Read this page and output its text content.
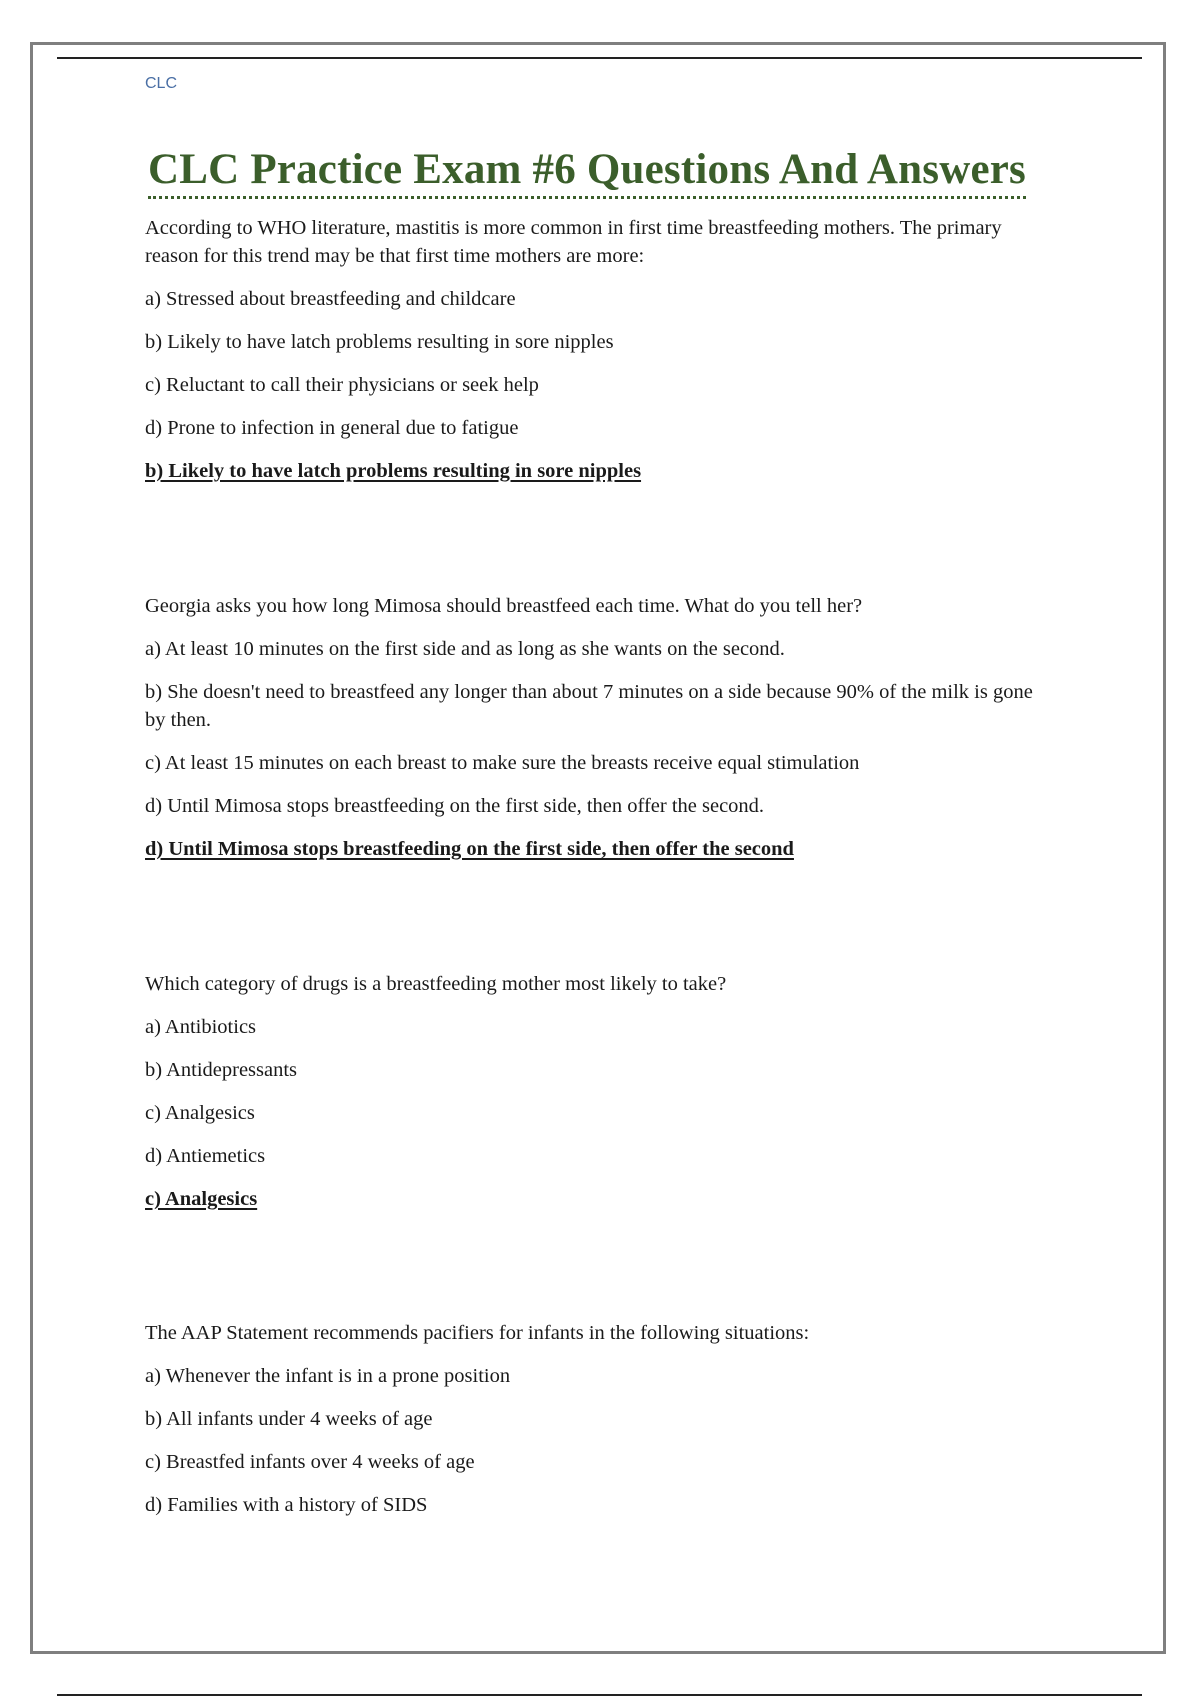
CLC
CLC Practice Exam #6 Questions And Answers

According to WHO literature, mastitis is more common in first time breastfeeding mothers. The primary reason for this trend may be that first time mothers are more:

a) Stressed about breastfeeding and childcare

b) Likely to have latch problems resulting in sore nipples

c) Reluctant to call their physicians or seek help

d) Prone to infection in general due to fatigue

b) Likely to have latch problems resulting in sore nipples

Georgia asks you how long Mimosa should breastfeed each time. What do you tell her?

a) At least 10 minutes on the first side and as long as she wants on the second.

b) She doesn't need to breastfeed any longer than about 7 minutes on a side because 90% of the milk is gone by then.

c) At least 15 minutes on each breast to make sure the breasts receive equal stimulation

d) Until Mimosa stops breastfeeding on the first side, then offer the second.

d) Until Mimosa stops breastfeeding on the first side, then offer the second

Which category of drugs is a breastfeeding mother most likely to take?

a) Antibiotics

b) Antidepressants

c) Analgesics

d) Antiemetics

c) Analgesics

The AAP Statement recommends pacifiers for infants in the following situations:

a) Whenever the infant is in a prone position

b) All infants under 4 weeks of age

c) Breastfed infants over 4 weeks of age

d) Families with a history of SIDS
